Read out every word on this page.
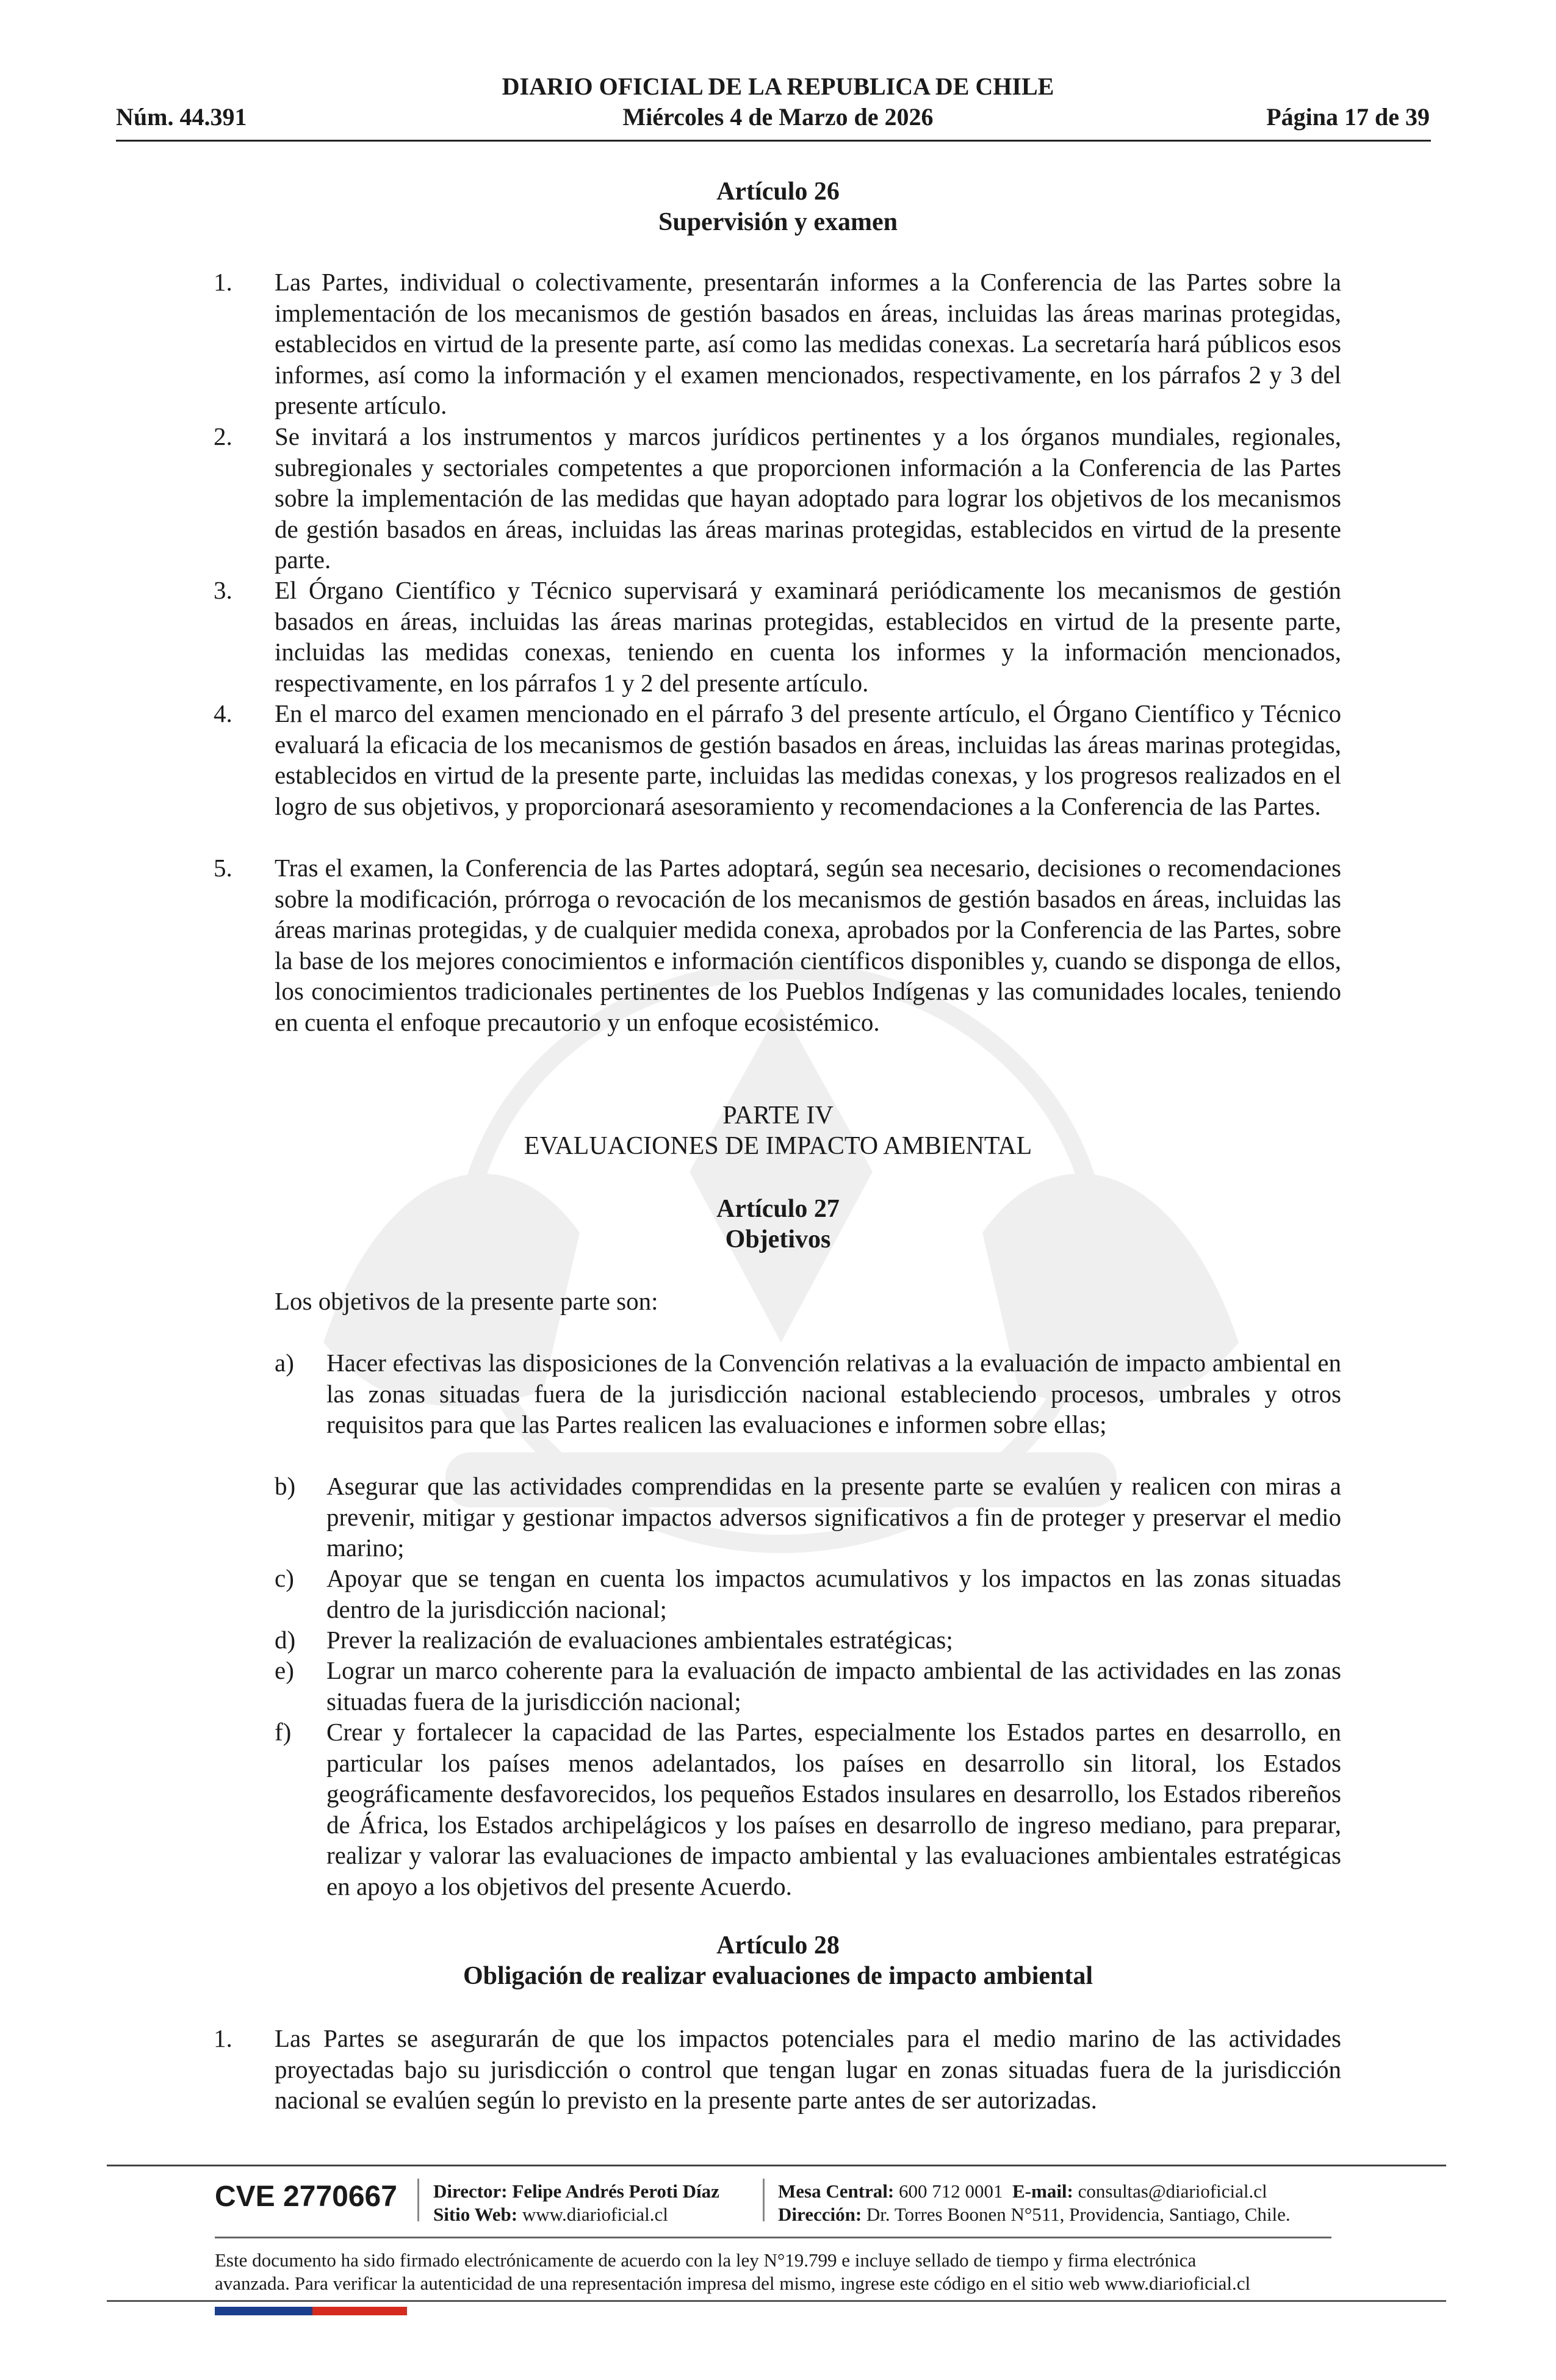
DIARIO OFICIAL DE LA REPUBLICA DE CHILE
Núm. 44.391	Miércoles 4 de Marzo de 2026	Página 17 de 39
Artículo 26
Supervisión y examen
1. Las Partes, individual o colectivamente, presentarán informes a la Conferencia de las Partes sobre la implementación de los mecanismos de gestión basados en áreas, incluidas las áreas marinas protegidas, establecidos en virtud de la presente parte, así como las medidas conexas. La secretaría hará públicos esos informes, así como la información y el examen mencionados, respectivamente, en los párrafos 2 y 3 del presente artículo.
2. Se invitará a los instrumentos y marcos jurídicos pertinentes y a los órganos mundiales, regionales, subregionales y sectoriales competentes a que proporcionen información a la Conferencia de las Partes sobre la implementación de las medidas que hayan adoptado para lograr los objetivos de los mecanismos de gestión basados en áreas, incluidas las áreas marinas protegidas, establecidos en virtud de la presente parte.
3. El Órgano Científico y Técnico supervisará y examinará periódicamente los mecanismos de gestión basados en áreas, incluidas las áreas marinas protegidas, establecidos en virtud de la presente parte, incluidas las medidas conexas, teniendo en cuenta los informes y la información mencionados, respectivamente, en los párrafos 1 y 2 del presente artículo.
4. En el marco del examen mencionado en el párrafo 3 del presente artículo, el Órgano Científico y Técnico evaluará la eficacia de los mecanismos de gestión basados en áreas, incluidas las áreas marinas protegidas, establecidos en virtud de la presente parte, incluidas las medidas conexas, y los progresos realizados en el logro de sus objetivos, y proporcionará asesoramiento y recomendaciones a la Conferencia de las Partes.
5. Tras el examen, la Conferencia de las Partes adoptará, según sea necesario, decisiones o recomendaciones sobre la modificación, prórroga o revocación de los mecanismos de gestión basados en áreas, incluidas las áreas marinas protegidas, y de cualquier medida conexa, aprobados por la Conferencia de las Partes, sobre la base de los mejores conocimientos e información científicos disponibles y, cuando se disponga de ellos, los conocimientos tradicionales pertinentes de los Pueblos Indígenas y las comunidades locales, teniendo en cuenta el enfoque precautorio y un enfoque ecosistémico.
PARTE IV
EVALUACIONES DE IMPACTO AMBIENTAL
Artículo 27
Objetivos
Los objetivos de la presente parte son:
a) Hacer efectivas las disposiciones de la Convención relativas a la evaluación de impacto ambiental en las zonas situadas fuera de la jurisdicción nacional estableciendo procesos, umbrales y otros requisitos para que las Partes realicen las evaluaciones e informen sobre ellas;
b) Asegurar que las actividades comprendidas en la presente parte se evalúen y realicen con miras a prevenir, mitigar y gestionar impactos adversos significativos a fin de proteger y preservar el medio marino;
c) Apoyar que se tengan en cuenta los impactos acumulativos y los impactos en las zonas situadas dentro de la jurisdicción nacional;
d) Prever la realización de evaluaciones ambientales estratégicas;
e) Lograr un marco coherente para la evaluación de impacto ambiental de las actividades en las zonas situadas fuera de la jurisdicción nacional;
f) Crear y fortalecer la capacidad de las Partes, especialmente los Estados partes en desarrollo, en particular los países menos adelantados, los países en desarrollo sin litoral, los Estados geográficamente desfavorecidos, los pequeños Estados insulares en desarrollo, los Estados ribereños de África, los Estados archipelágicos y los países en desarrollo de ingreso mediano, para preparar, realizar y valorar las evaluaciones de impacto ambiental y las evaluaciones ambientales estratégicas en apoyo a los objetivos del presente Acuerdo.
Artículo 28
Obligación de realizar evaluaciones de impacto ambiental
1. Las Partes se asegurarán de que los impactos potenciales para el medio marino de las actividades proyectadas bajo su jurisdicción o control que tengan lugar en zonas situadas fuera de la jurisdicción nacional se evalúen según lo previsto en la presente parte antes de ser autorizadas.
CVE 2770667 Director: Felipe Andrés Peroti Díaz
Sitio Web: www.diarioficial.cl
Mesa Central: 600 712 0001 E-mail: consultas@diarioficial.cl
Dirección: Dr. Torres Boonen N°511, Providencia, Santiago, Chile.
Este documento ha sido firmado electrónicamente de acuerdo con la ley N°19.799 e incluye sellado de tiempo y firma electrónica
avanzada. Para verificar la autenticidad de una representación impresa del mismo, ingrese este código en el sitio web www.diarioficial.cl
